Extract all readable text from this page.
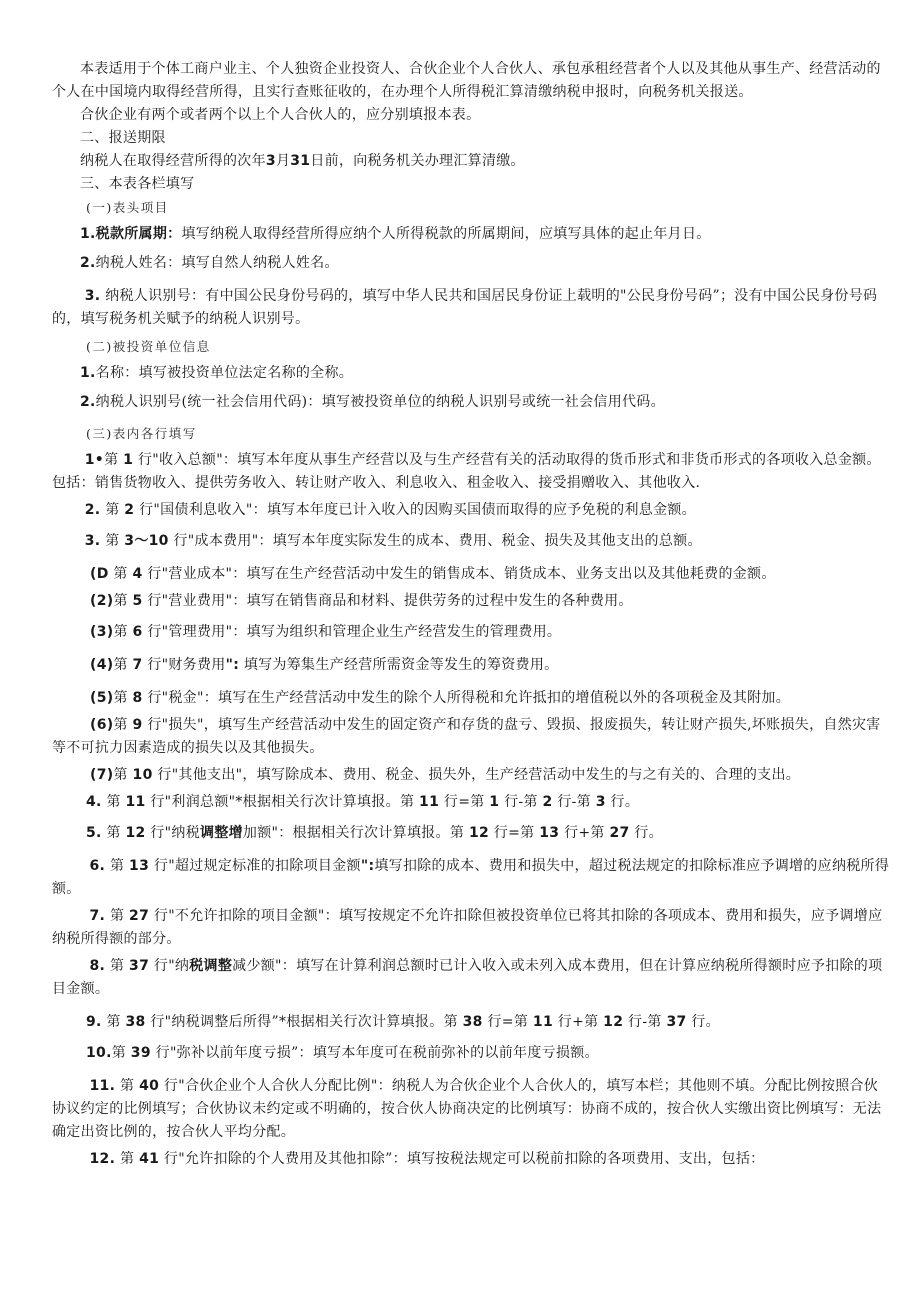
本表适用于个体工商户业主、个人独资企业投资人、合伙企业个人合伙人、承包承租经营者个人以及其他从事生产、经营活动的个人在中国境内取得经营所得，且实行查账征收的，在办理个人所得税汇算清缴纳税申报时，向税务机关报送。

合伙企业有两个或者两个以上个人合伙人的，应分别填报本表。

二、报送期限

纳税人在取得经营所得的次年3月31日前，向税务机关办理汇算清缴。

三、本表各栏填写

(一)表头项目

1.税款所属期：填写纳税人取得经营所得应纳个人所得税款的所属期间，应填写具体的起止年月日。

2.纳税人姓名：填写自然人纳税人姓名。

3. 纳税人识别号：有中国公民身份号码的，填写中华人民共和国居民身份证上载明的"公民身份号码”；没有中国公民身份号码的，填写税务机关赋予的纳税人识别号。

(二)被投资单位信息

1.名称：填写被投资单位法定名称的全称。

2.纳税人识别号(统一社会信用代码)：填写被投资单位的纳税人识别号或统一社会信用代码。

(三)表内各行填写

1•第 1 行"收入总额"：填写本年度从事生产经营以及与生产经营有关的活动取得的货币形式和非货币形式的各项收入总金额。包括：销售货物收入、提供劳务收入、转让财产收入、利息收入、租金收入、接受捐赠收入、其他收入.

2. 第 2 行"国债利息收入"：填写本年度已计入收入的因购买国债而取得的应予免税的利息金额。

3. 第 3〜10 行"成本费用"：填写本年度实际发生的成本、费用、税金、损失及其他支出的总额。

(D 第 4 行"营业成本"：填写在生产经营活动中发生的销售成本、销货成本、业务支出以及其他耗费的金额。

(2)第 5 行"营业费用"：填写在销售商品和材料、提供劳务的过程中发生的各种费用。

(3)第 6 行"管理费用"：填写为组织和管理企业生产经营发生的管理费用。

(4)第 7 行"财务费用": 填写为筹集生产经营所需资金等发生的筹资费用。

(5)第 8 行"税金"：填写在生产经营活动中发生的除个人所得税和允许抵扣的增值税以外的各项税金及其附加。

(6)第 9 行"损失"，填写生产经营活动中发生的固定资产和存货的盘亏、毁损、报废损失，转让财产损失,坏账损失，自然灾害等不可抗力因素造成的损失以及其他损失。

(7)第 10 行"其他支出"，填写除成本、费用、税金、损失外，生产经营活动中发生的与之有关的、合理的支出。

4. 第 11 行"利润总额"*根据相关行次计算填报。第 11 行=第 1 行-第 2 行-第 3 行。

5. 第 12 行"纳税调整增加额"：根据相关行次计算填报。第 12 行=第 13 行+第 27 行。

6. 第 13 行"超过规定标准的扣除项目金额":填写扣除的成本、费用和损失中，超过税法规定的扣除标准应予调增的应纳税所得额。

7. 第 27 行"不允许扣除的项目金额"：填写按规定不允许扣除但被投资单位已将其扣除的各项成本、费用和损失，应予调增应纳税所得额的部分。

8. 第 37 行"纳税调整减少额"：填写在计算利润总额时已计入收入或未列入成本费用，但在计算应纳税所得额时应予扣除的项目金额。

9. 第 38 行"纳税调整后所得”*根据相关行次计算填报。第 38 行=第 11 行+第 12 行-第 37 行。

10.第 39 行"弥补以前年度亏损”：填写本年度可在税前弥补的以前年度亏损额。

11. 第 40 行"合伙企业个人合伙人分配比例"：纳税人为合伙企业个人合伙人的，填写本栏；其他则不填。分配比例按照合伙协议约定的比例填写；合伙协议未约定或不明确的，按合伙人协商决定的比例填写：协商不成的，按合伙人实缴出资比例填写：无法确定出资比例的，按合伙人平均分配。

12. 第 41 行"允许扣除的个人费用及其他扣除”：填写按税法规定可以税前扣除的各项费用、支出，包括：
